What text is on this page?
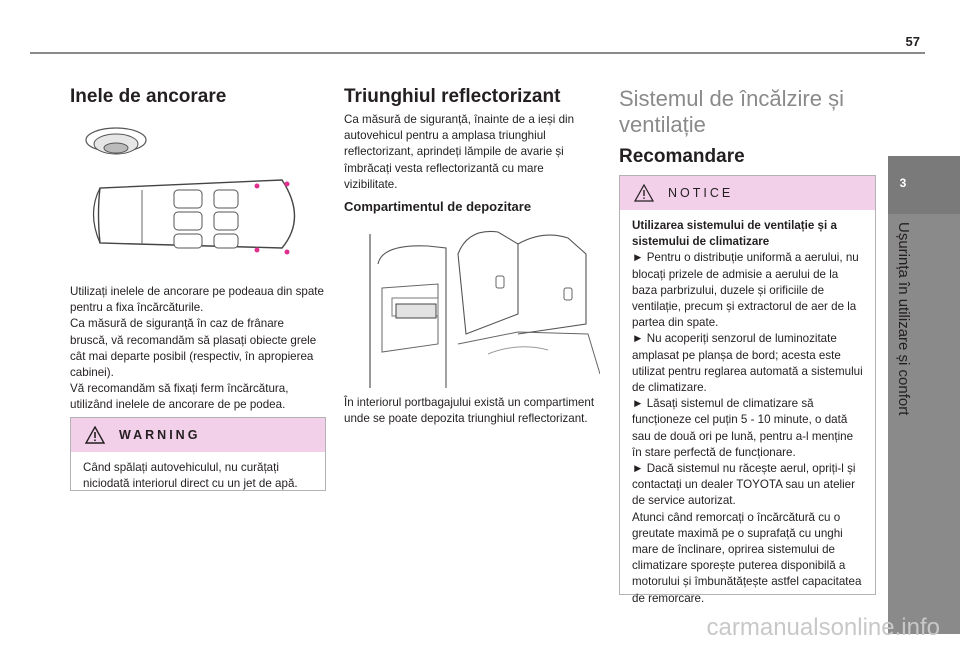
57
3
Ușurința în utilizare și confort
Inele de ancorare

Utilizați inelele de ancorare pe podeaua din spate pentru a fixa încărcăturile.

Ca măsură de siguranță în caz de frânare bruscă, vă recomandăm să plasați obiecte grele cât mai departe posibil (respectiv, în apropierea cabinei).

Vă recomandăm să fixați ferm încărcătura, utilizând inelele de ancorare de pe podea.

WARNING
Când spălați autovehiculul, nu curățați niciodată interiorul direct cu un jet de apă.
Triunghiul reflectorizant

Ca măsură de siguranță, înainte de a ieși din autovehicul pentru a amplasa triunghiul reflectorizant, aprindeți lămpile de avarie și îmbrăcați vesta reflectorizantă cu mare vizibilitate.

Compartimentul de depozitare

În interiorul portbagajului există un compartiment unde se poate depozita triunghiul reflectorizant.

Sistemul de încălzire și ventilație
Recomandare
NOTICE
Utilizarea sistemului de ventilație și a sistemului de climatizare
► Pentru o distribuție uniformă a aerului, nu blocați prizele de admisie a aerului de la baza parbrizului, duzele și orificiile de ventilație, precum și extractorul de aer de la partea din spate.
► Nu acoperiți senzorul de luminozitate amplasat pe planșa de bord; acesta este utilizat pentru reglarea automată a sistemului de climatizare.
► Lăsați sistemul de climatizare să funcționeze cel puțin 5 - 10 minute, o dată sau de două ori pe lună, pentru a-l menține în stare perfectă de funcționare.
► Dacă sistemul nu răcește aerul, opriți-l și contactați un dealer TOYOTA sau un atelier de service autorizat.
Atunci când remorcați o încărcătură cu o greutate maximă pe o suprafață cu unghi mare de înclinare, oprirea sistemului de climatizare sporește puterea disponibilă a motorului și îmbunătățește astfel capacitatea de remorcare.
carmanualsonline.info
